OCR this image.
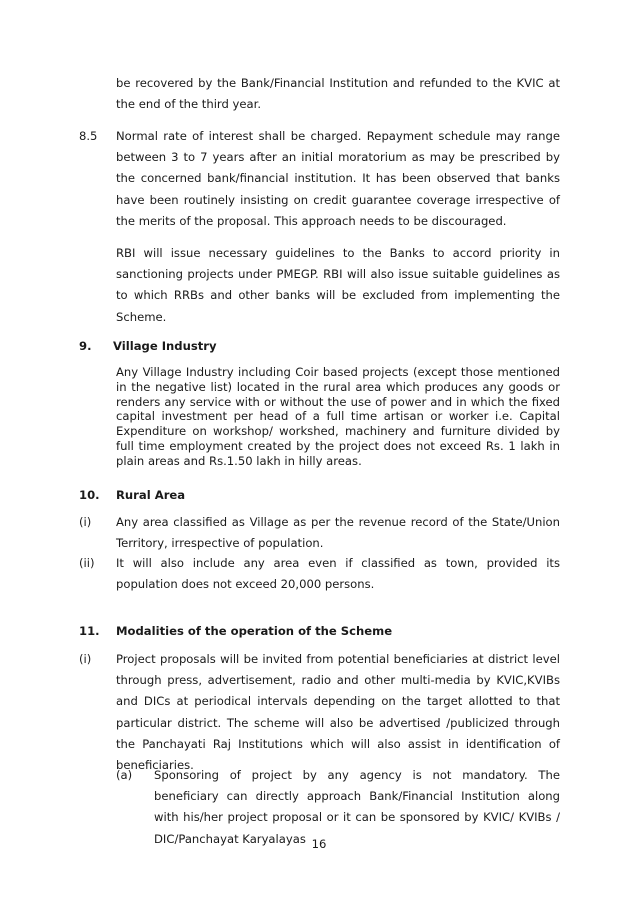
be recovered by the Bank/Financial Institution and refunded to the KVIC at the end of the third year.
8.5 Normal rate of interest shall be charged. Repayment schedule may range between 3 to 7 years after an initial moratorium as may be prescribed by the concerned bank/financial institution. It has been observed that banks have been routinely insisting on credit guarantee coverage irrespective of the merits of the proposal. This approach needs to be discouraged.
RBI will issue necessary guidelines to the Banks to accord priority in sanctioning projects under PMEGP. RBI will also issue suitable guidelines as to which RRBs and other banks will be excluded from implementing the Scheme.
9. Village Industry
Any Village Industry including Coir based projects (except those mentioned in the negative list) located in the rural area which produces any goods or renders any service with or without the use of power and in which the fixed capital investment per head of a full time artisan or worker i.e. Capital Expenditure on workshop/ workshed, machinery and furniture divided by full time employment created by the project does not exceed Rs. 1 lakh in plain areas and Rs.1.50 lakh in hilly areas.
10. Rural Area
(i) Any area classified as Village as per the revenue record of the State/Union Territory, irrespective of population.
(ii) It will also include any area even if classified as town, provided its population does not exceed 20,000 persons.
11. Modalities of the operation of the Scheme
(i) Project proposals will be invited from potential beneficiaries at district level through press, advertisement, radio and other multi-media by KVIC,KVIBs and DICs at periodical intervals depending on the target allotted to that particular district. The scheme will also be advertised /publicized through the Panchayati Raj Institutions which will also assist in identification of beneficiaries.
(a) Sponsoring of project by any agency is not mandatory. The beneficiary can directly approach Bank/Financial Institution along with his/her project proposal or it can be sponsored by KVIC/ KVIBs / DIC/Panchayat Karyalayas 16
